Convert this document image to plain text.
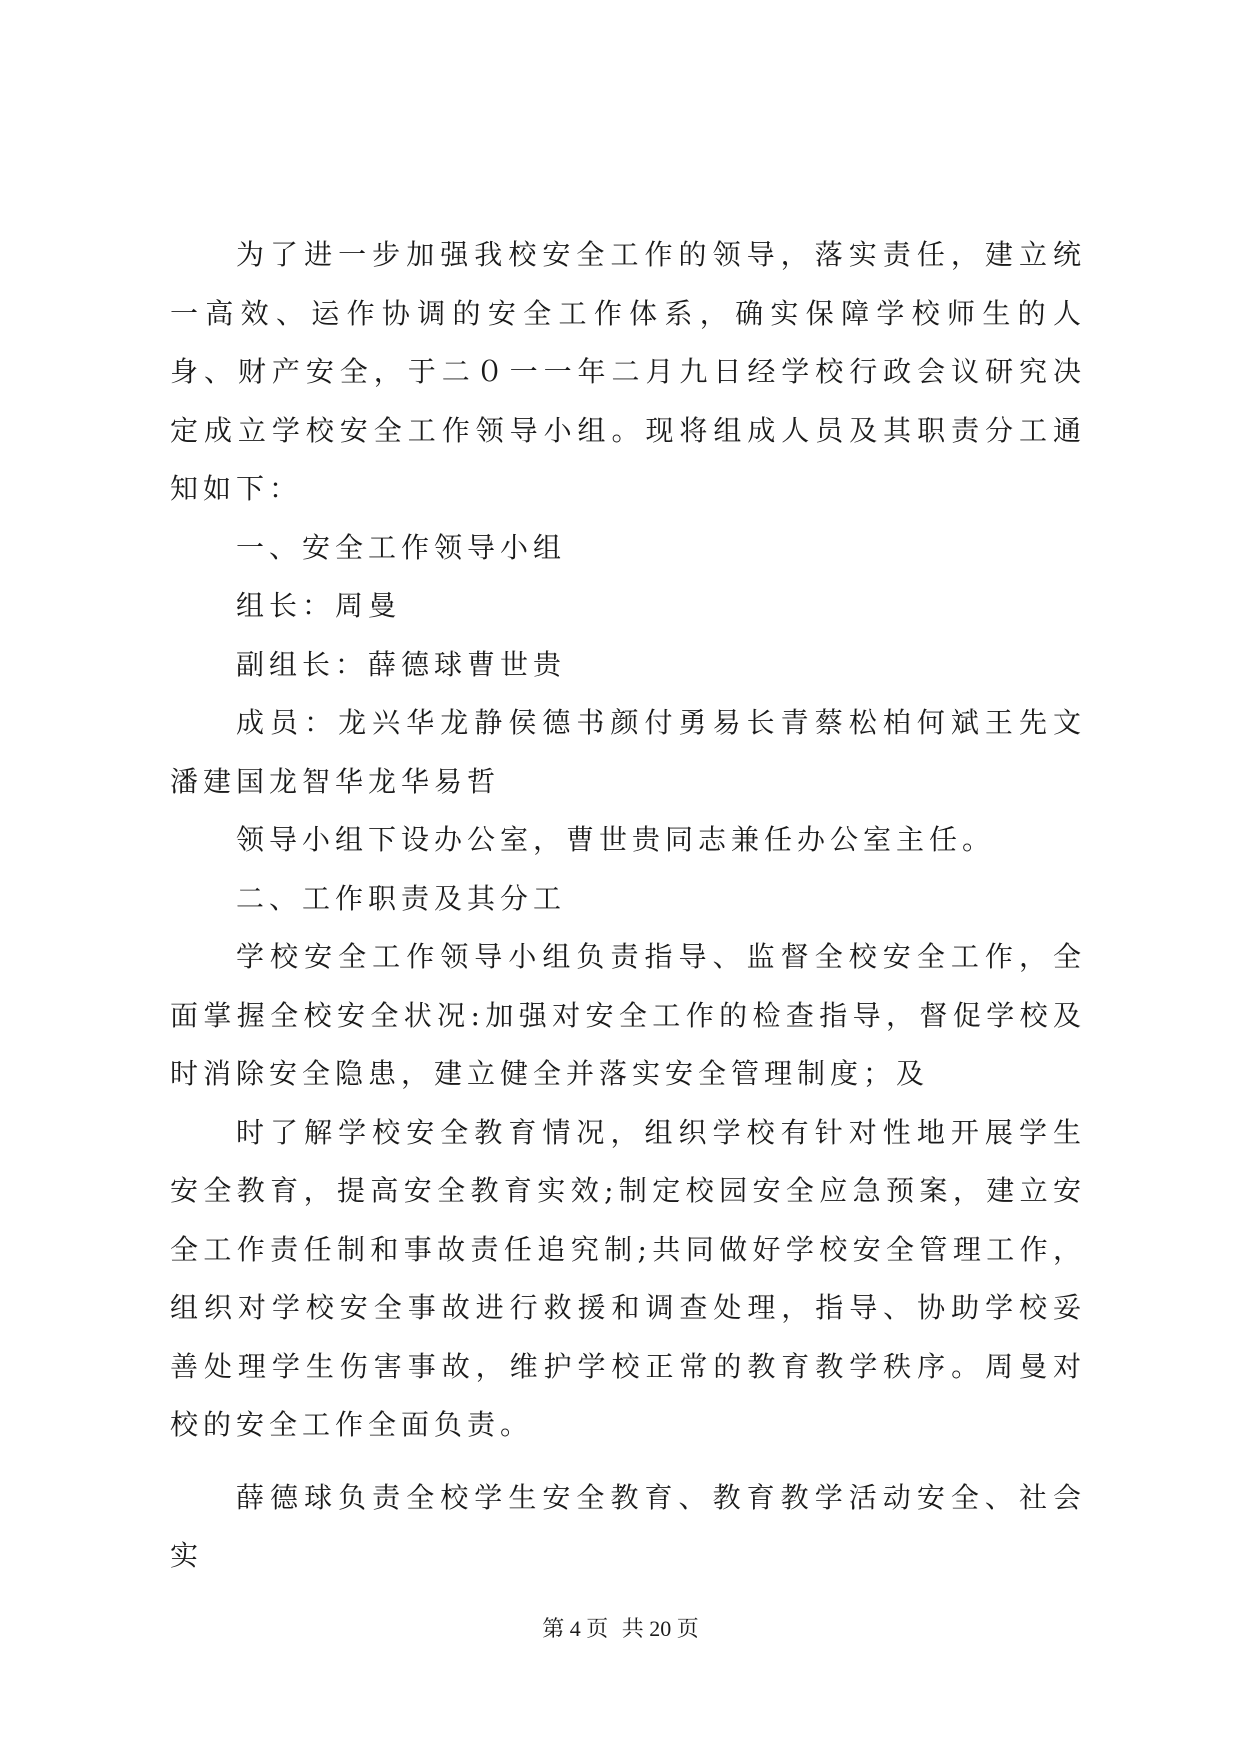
为了进一步加强我校安全工作的领导，落实责任，建立统一高效、运作协调的安全工作体系，确实保障学校师生的人身、财产安全，于二０一一年二月九日经学校行政会议研究决定成立学校安全工作领导小组。现将组成人员及其职责分工通知如下：

一、安全工作领导小组

组长：周曼

副组长：薛德球曹世贵

成员：龙兴华龙静侯德书颜付勇易长青蔡松柏何斌王先文潘建国龙智华龙华易哲

领导小组下设办公室，曹世贵同志兼任办公室主任。

二、工作职责及其分工

学校安全工作领导小组负责指导、监督全校安全工作，全面掌握全校安全状况:加强对安全工作的检查指导，督促学校及时消除安全隐患，建立健全并落实安全管理制度；及

时了解学校安全教育情况，组织学校有针对性地开展学生安全教育，提高安全教育实效;制定校园安全应急预案，建立安全工作责任制和事故责任追究制;共同做好学校安全管理工作，组织对学校安全事故进行救援和调查处理，指导、协助学校妥善处理学生伤害事故，维护学校正常的教育教学秩序。周曼对校的安全工作全面负责。

薛德球负责全校学生安全教育、教育教学活动安全、社会实

第 4 页 共 20 页
